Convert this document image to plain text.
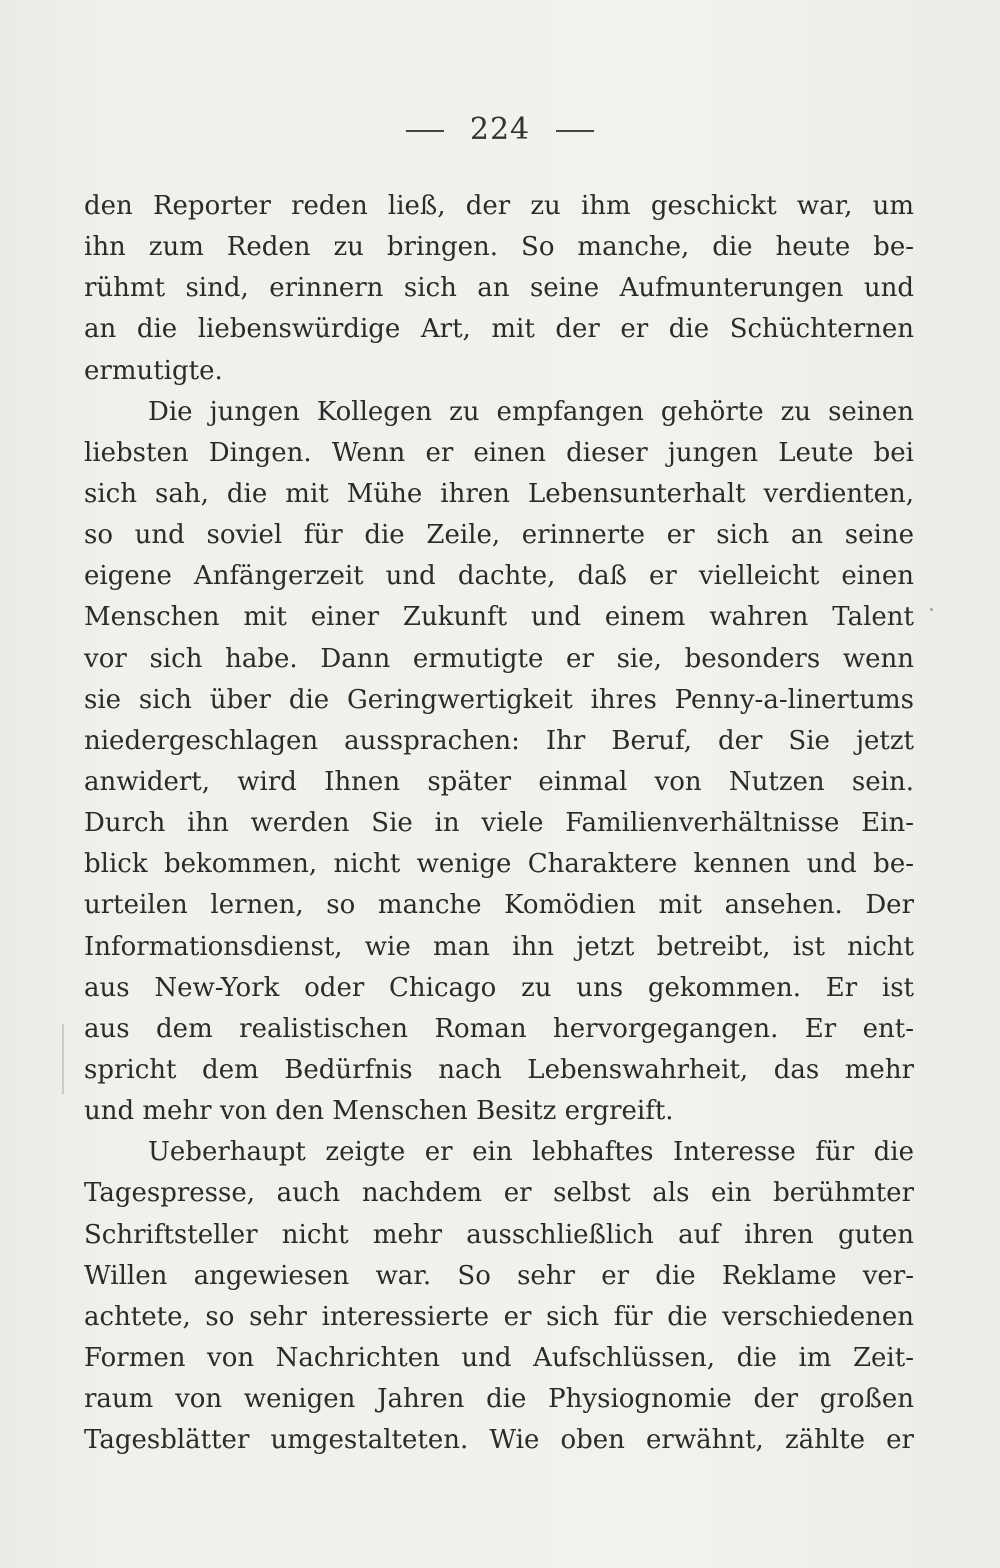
224
den Reporter reden ließ, der zu ihm geschickt war, um
ihn zum Reden zu bringen. So manche, die heute be-
rühmt sind, erinnern sich an seine Aufmunterungen und
an die liebenswürdige Art, mit der er die Schüchternen
ermutigte.
Die jungen Kollegen zu empfangen gehörte zu seinen
liebsten Dingen. Wenn er einen dieser jungen Leute bei
sich sah, die mit Mühe ihren Lebensunterhalt verdienten,
so und soviel für die Zeile, erinnerte er sich an seine
eigene Anfängerzeit und dachte, daß er vielleicht einen
Menschen mit einer Zukunft und einem wahren Talent
vor sich habe. Dann ermutigte er sie, besonders wenn
sie sich über die Geringwertigkeit ihres Penny-a-linertums
niedergeschlagen aussprachen: Ihr Beruf, der Sie jetzt
anwidert, wird Ihnen später einmal von Nutzen sein.
Durch ihn werden Sie in viele Familienverhältnisse Ein-
blick bekommen, nicht wenige Charaktere kennen und be-
urteilen lernen, so manche Komödien mit ansehen. Der
Informationsdienst, wie man ihn jetzt betreibt, ist nicht
aus New-York oder Chicago zu uns gekommen. Er ist
aus dem realistischen Roman hervorgegangen. Er ent-
spricht dem Bedürfnis nach Lebenswahrheit, das mehr
und mehr von den Menschen Besitz ergreift.
Ueberhaupt zeigte er ein lebhaftes Interesse für die
Tagespresse, auch nachdem er selbst als ein berühmter
Schriftsteller nicht mehr ausschließlich auf ihren guten
Willen angewiesen war. So sehr er die Reklame ver-
achtete, so sehr interessierte er sich für die verschiedenen
Formen von Nachrichten und Aufschlüssen, die im Zeit-
raum von wenigen Jahren die Physiognomie der großen
Tagesblätter umgestalteten. Wie oben erwähnt, zählte er
